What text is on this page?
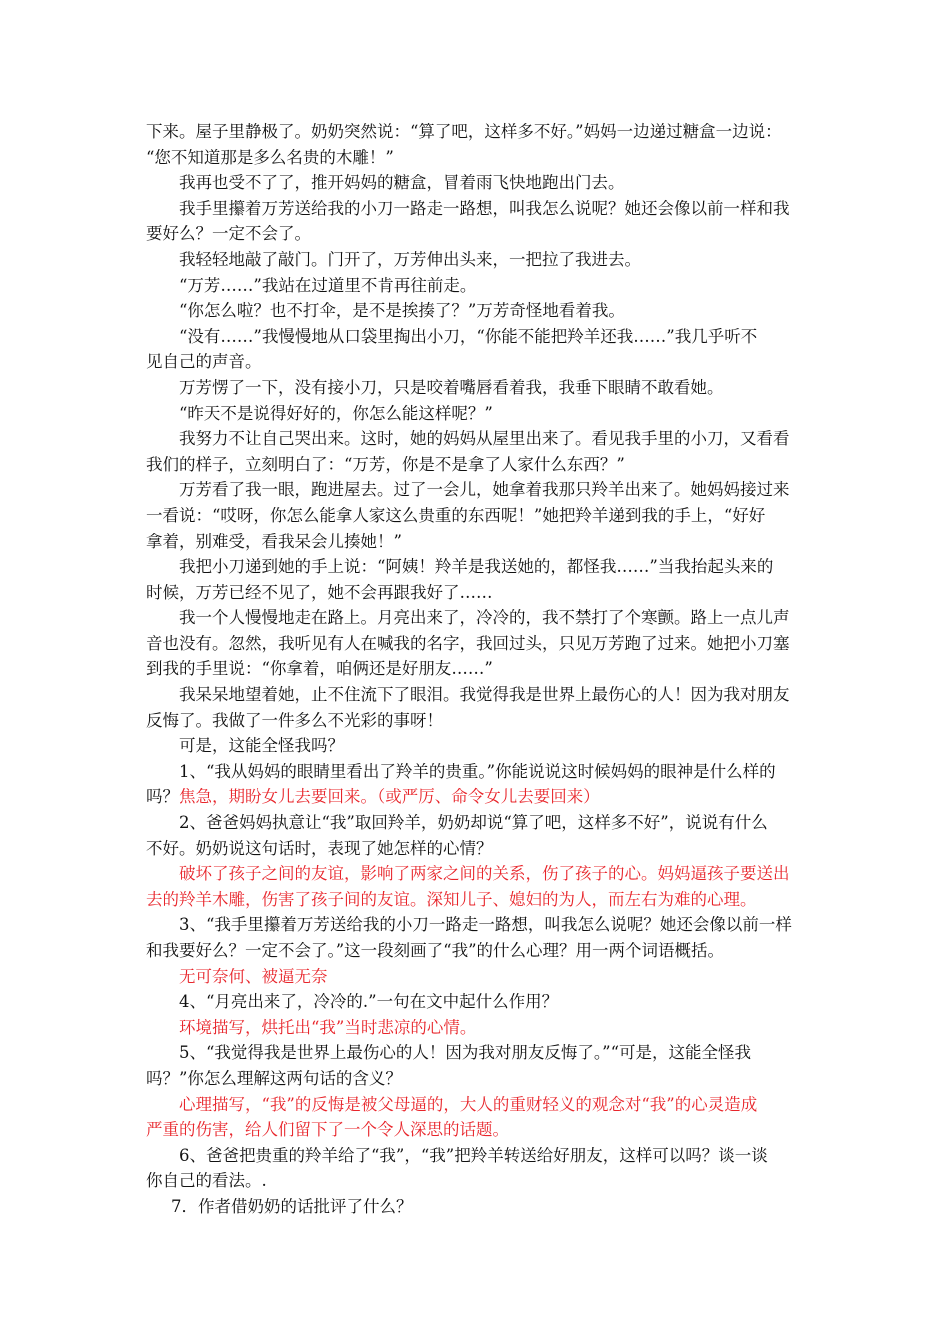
下来。屋子里静极了。奶奶突然说：“算了吧，这样多不好。”妈妈一边递过糖盒一边说：
“您不知道那是多么名贵的木雕！”
我再也受不了了，推开妈妈的糖盒，冒着雨飞快地跑出门去。
我手里攥着万芳送给我的小刀一路走一路想，叫我怎么说呢？她还会像以前一样和我
要好么？一定不会了。
我轻轻地敲了敲门。门开了，万芳伸出头来，一把拉了我进去。
“万芳……”我站在过道里不肯再往前走。
“你怎么啦？也不打伞，是不是挨揍了？”万芳奇怪地看着我。
“没有……”我慢慢地从口袋里掏出小刀，“你能不能把羚羊还我……”我几乎听不
见自己的声音。
万芳愣了一下，没有接小刀，只是咬着嘴唇看着我，我垂下眼睛不敢看她。
“昨天不是说得好好的，你怎么能这样呢？”
我努力不让自己哭出来。这时，她的妈妈从屋里出来了。看见我手里的小刀，又看看
我们的样子，立刻明白了：“万芳，你是不是拿了人家什么东西？”
万芳看了我一眼，跑进屋去。过了一会儿，她拿着我那只羚羊出来了。她妈妈接过来
一看说：“哎呀，你怎么能拿人家这么贵重的东西呢！”她把羚羊递到我的手上，“好好
拿着，别难受，看我呆会儿揍她！”
我把小刀递到她的手上说：“阿姨！羚羊是我送她的，都怪我……”当我抬起头来的
时候，万芳已经不见了，她不会再跟我好了……
我一个人慢慢地走在路上。月亮出来了，冷冷的，我不禁打了个寒颤。路上一点儿声
音也没有。忽然，我听见有人在喊我的名字，我回过头，只见万芳跑了过来。她把小刀塞
到我的手里说：“你拿着，咱俩还是好朋友……”
我呆呆地望着她，止不住流下了眼泪。我觉得我是世界上最伤心的人！因为我对朋友
反悔了。我做了一件多么不光彩的事呀！
可是，这能全怪我吗？
1、“我从妈妈的眼睛里看出了羚羊的贵重。”你能说说这时候妈妈的眼神是什么样的
吗？焦急，期盼女儿去要回来。（或严厉、命令女儿去要回来）
2、爸爸妈妈执意让“我”取回羚羊，奶奶却说“算了吧，这样多不好”，说说有什么
不好。奶奶说这句话时，表现了她怎样的心情？
破坏了孩子之间的友谊，影响了两家之间的关系，伤了孩子的心。妈妈逼孩子要送出
去的羚羊木雕，伤害了孩子间的友谊。深知儿子、媳妇的为人，而左右为难的心理。
3、“我手里攥着万芳送给我的小刀一路走一路想，叫我怎么说呢？她还会像以前一样
和我要好么？一定不会了。”这一段刻画了“我”的什么心理？用一两个词语概括。
无可奈何、被逼无奈
4、“月亮出来了，冷冷的.”一句在文中起什么作用？
环境描写，烘托出“我”当时悲凉的心情。
5、“我觉得我是世界上最伤心的人！因为我对朋友反悔了。”“可是，这能全怪我
吗？”你怎么理解这两句话的含义？
心理描写，“我”的反悔是被父母逼的，大人的重财轻义的观念对“我”的心灵造成
严重的伤害，给人们留下了一个令人深思的话题。
6、爸爸把贵重的羚羊给了“我”，“我”把羚羊转送给好朋友，这样可以吗？谈一谈
你自己的看法。.
7．作者借奶奶的话批评了什么？
